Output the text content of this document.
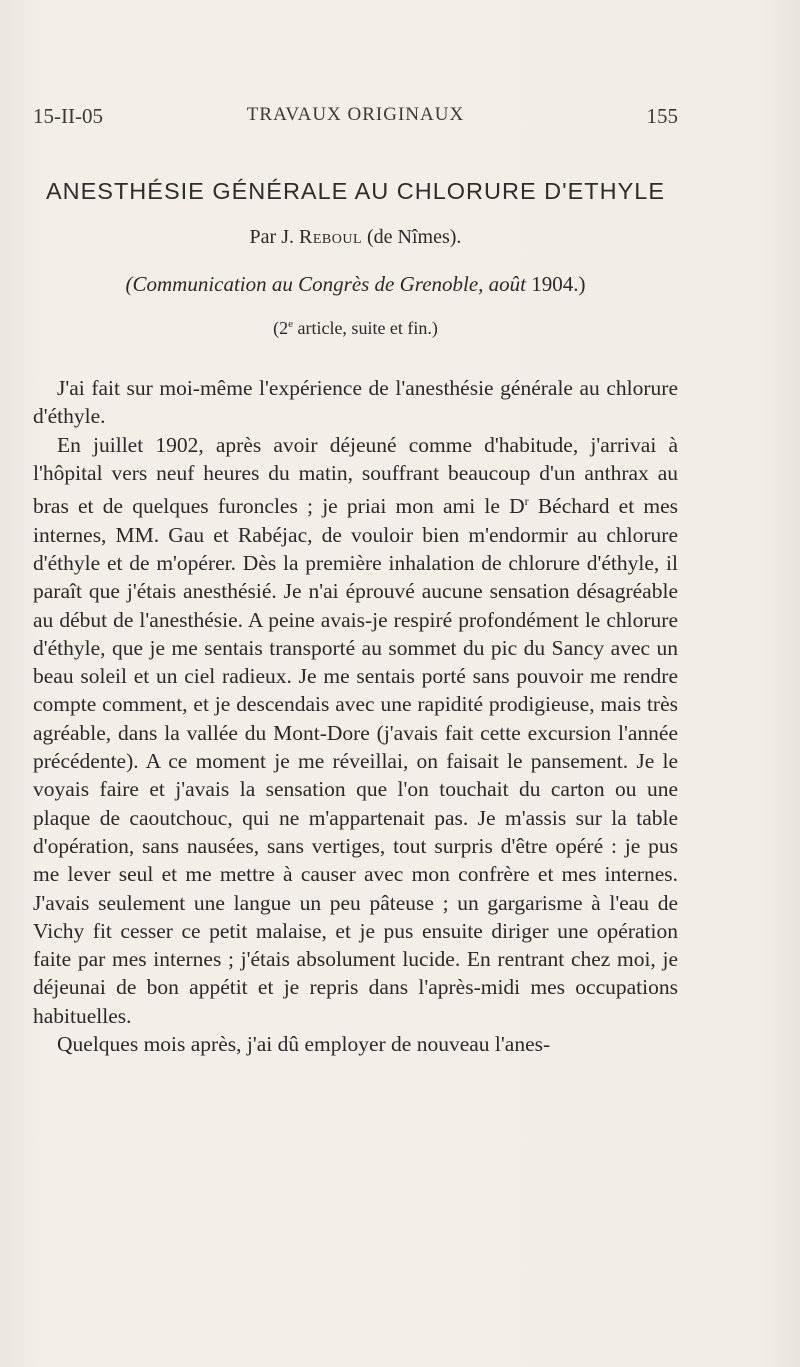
15-II-05	TRAVAUX ORIGINAUX	155
ANESTHÉSIE GÉNÉRALE AU CHLORURE D'ETHYLE
Par J. Reboul (de Nîmes).
(Communication au Congrès de Grenoble, août 1904.)
(2e article, suite et fin.)

J'ai fait sur moi-même l'expérience de l'anesthésie générale au chlorure d'éthyle.

En juillet 1902, après avoir déjeuné comme d'habitude, j'arrivai à l'hôpital vers neuf heures du matin, souffrant beaucoup d'un anthrax au bras et de quelques furoncles ; je priai mon ami le $D^r$ Béchard et mes internes, MM. Gau et Rabéjac, de vouloir bien m'endormir au chlorure d'éthyle et de m'opérer. Dès la première inhalation de chlorure d'éthyle, il paraît que j'étais anesthésié. Je n'ai éprouvé aucune sensation désagréable au début de l'anesthésie. A peine avais-je respiré profondément le chlorure d'éthyle, que je me sentais transporté au sommet du pic du Sancy avec un beau soleil et un ciel radieux. Je me sentais porté sans pouvoir me rendre compte comment, et je descendais avec une rapidité prodigieuse, mais très agréable, dans la vallée du Mont-Dore (j'avais fait cette excursion l'année précédente). A ce moment je me réveillai, on faisait le pansement. Je le voyais faire et j'avais la sensation que l'on touchait du carton ou une plaque de caoutchouc, qui ne m'appartenait pas. Je m'assis sur la table d'opération, sans nausées, sans vertiges, tout surpris d'être opéré : je pus me lever seul et me mettre à causer avec mon confrère et mes internes. J'avais seulement une langue un peu pâteuse ; un gargarisme à l'eau de Vichy fit cesser ce petit malaise, et je pus ensuite diriger une opération faite par mes internes ; j'étais absolument lucide. En rentrant chez moi, je déjeunai de bon appétit et je repris dans l'après-midi mes occupations habituelles.

Quelques mois après, j'ai dû employer de nouveau l'anes-
